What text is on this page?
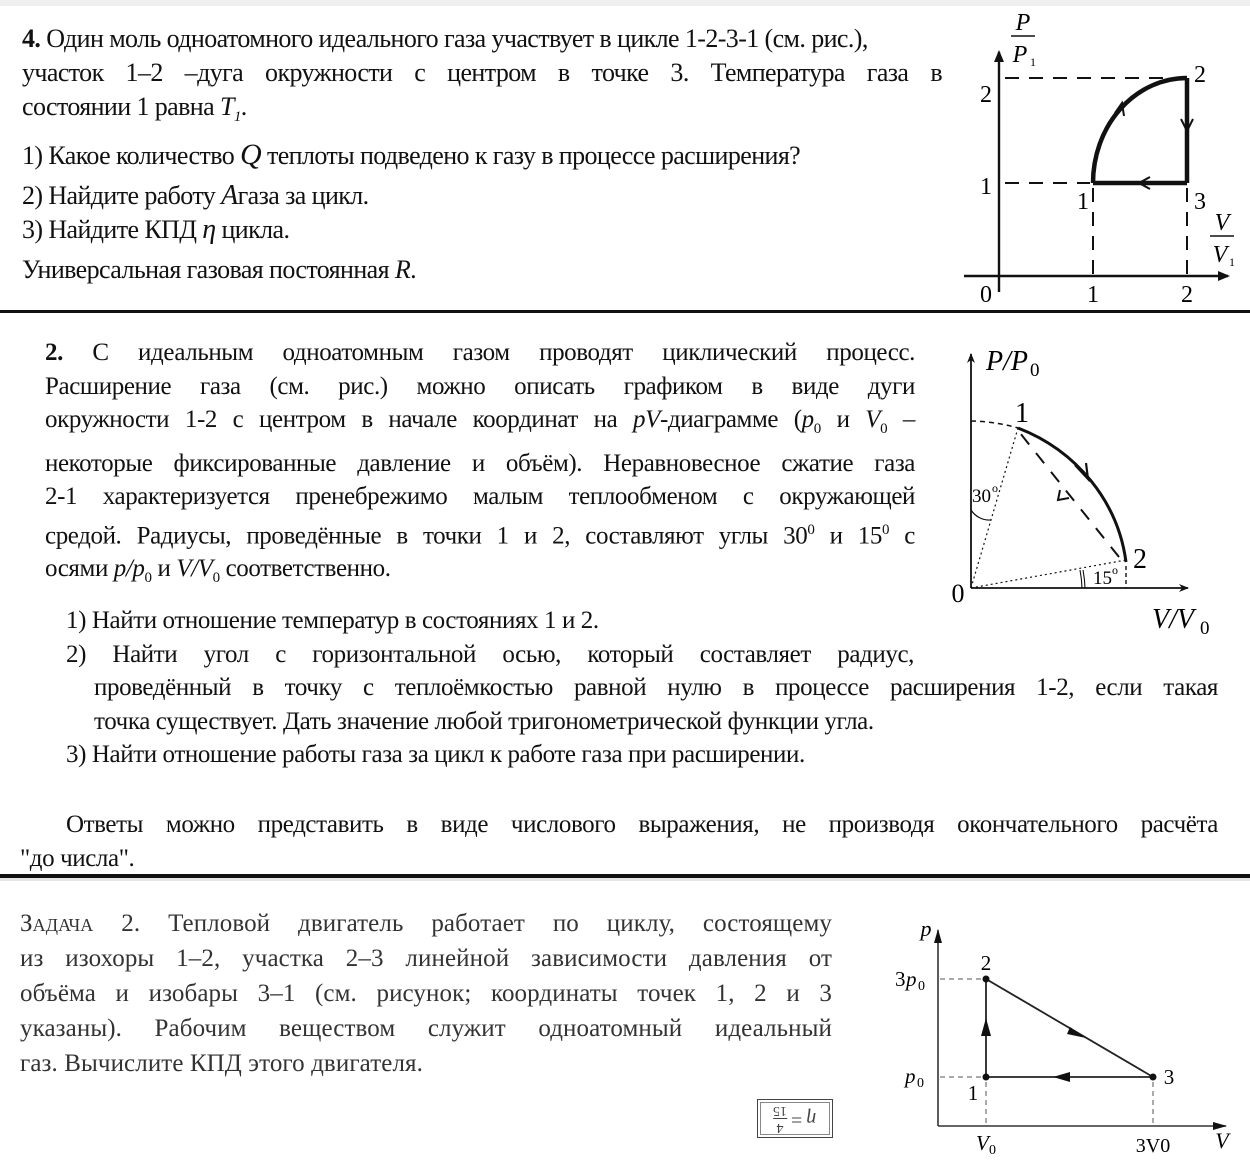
4. Один моль одноатомного идеального газа участвует в цикле 1-2-3-1 (см. рис.),
участок 1–2 –дуга окружности с центром в точке 3. Температура газа в
состоянии 1 равна $T_1$.
1) Какое количество Q теплоты подведено к газу в процессе расширения?
2) Найдите работу Aгаза за цикл.
3) Найдите КПД η цикла.
Универсальная газовая постоянная R.
P
P 1
V
V 1
0
1
2
1	2
1
2
3
2. С идеальным одноатомным газом проводят циклический процесс.
Расширение газа (см. рис.) можно описать графиком в виде дуги
окружности 1-2 с центром в начале координат на pV-диаграмме ($p_0$ и $V_0$ –
некоторые фиксированные давление и объём). Неравновесное сжатие газа
2-1 характеризуется пренебрежимо малым теплообменом с окружающей
средой. Радиусы, проведённые в точки 1 и 2, составляют углы $30^0$ и $15^0$ с
осями $p/p_0$ и $V/V_0$ соответственно.
1) Найти отношение температур в состояниях 1 и 2.
2) Найти угол с горизонтальной осью, который составляет радиус,
проведённый в точку с теплоёмкостью равной нулю в процессе расширения 1-2, если такая
точка существует. Дать значение любой тригонометрической функции угла.
3) Найти отношение работы газа за цикл к работе газа при расширении.
Ответы можно представить в виде числового выражения, не производя окончательного расчёта
"до числа".
P/P 0
V/V 0
0
30 o
15 o
1
2
Задача 2. Тепловой двигатель работает по циклу, состоящему
из изохоры 1–2, участка 2–3 линейной зависимости давления от
объёма и изобары 3–1 (см. рисунок; координаты точек 1, 2 и 3
указаны). Рабочим веществом служит одноатомный идеальный
газ. Вычислите КПД этого двигателя.
η
=
4
15
p
V
3 p 0
p 0
V 0	3V0
1
2
3
